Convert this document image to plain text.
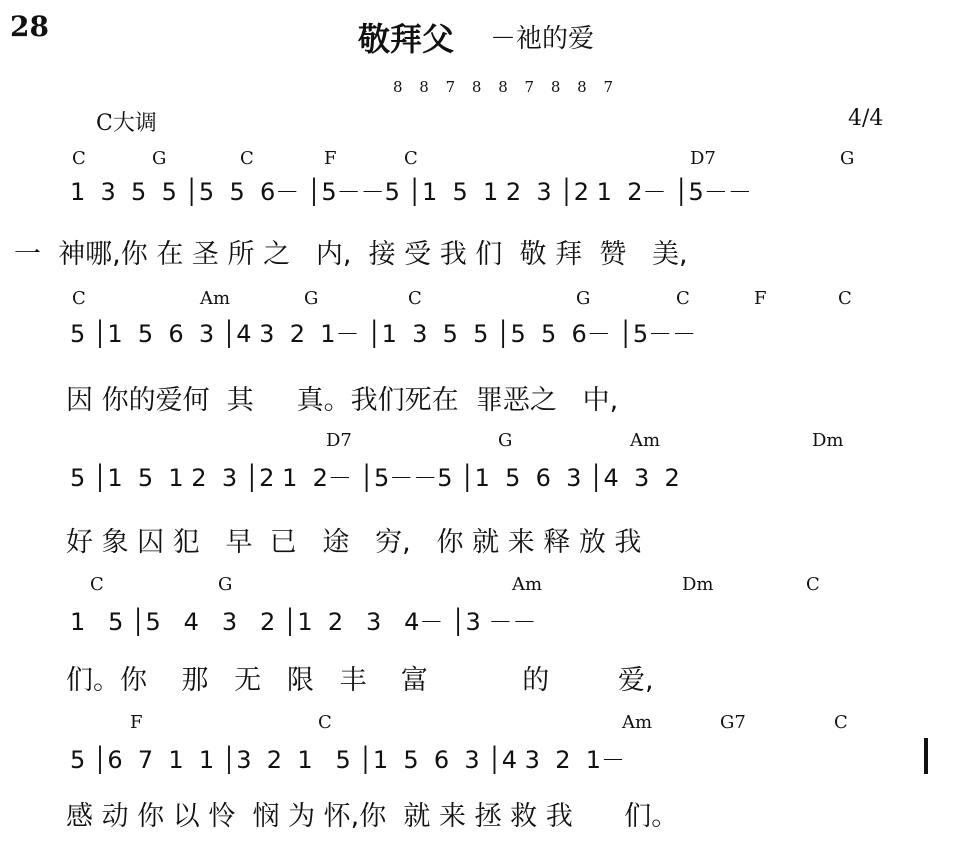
28	敬拜父 －祂的爱
8 8 7 8 8 7 8 8 7
C大调	4/4
C	G	C	F	C	D7	G
1  3  5  5 │5  5  6－ │5－－5 │1  5  1 2  3 │2 1  2－ │5－－
一  神哪,你 在 圣 所 之   内,  接 受 我 们  敬 拜  赞   美,
C	Am	G	C	G	C	F	C
5 │1  5  6  3 │4 3  2  1－ │1  3  5  5 │5  5  6－ │5－－
因 你的爱何  其     真。我们死在  罪恶之   中,
D7	G	Am	Dm
5 │1  5  1 2  3 │2 1  2－ │5－－5 │1  5  6  3 │4  3  2
好 象 囚 犯   早  已   途   穷,   你 就 来 释 放 我
C	G	Am	Dm	C
1   5 │5   4   3   2 │1  2   3   4－ │3 －－
们。你    那   无   限   丰    富           的        爱,
F	C	Am	G7	C
5 │6  7  1  1 │3  2  1   5 │1  5  6  3 │4 3  2  1－
感 动 你 以 怜  悯 为 怀,你  就 来 拯 救 我      们。
